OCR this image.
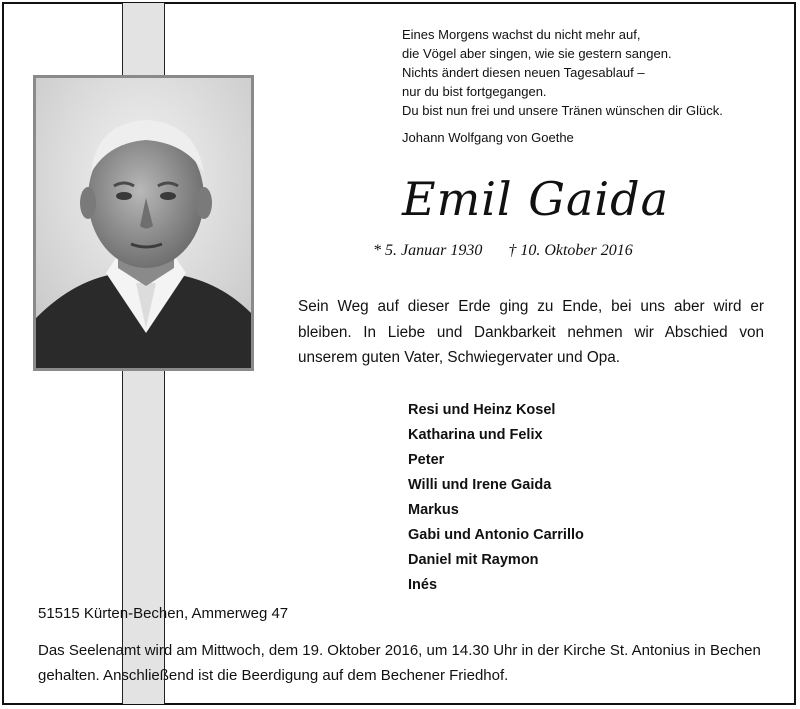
Eines Morgens wachst du nicht mehr auf,
die Vögel aber singen, wie sie gestern sangen.
Nichts ändert diesen neuen Tagesablauf –
nur du bist fortgegangen.
Du bist nun frei und unsere Tränen wünschen dir Glück.
Johann Wolfgang von Goethe
Emil Gaida
* 5. Januar 1930 † 10. Oktober 2016
Sein Weg auf dieser Erde ging zu Ende, bei uns aber wird er bleiben. In Liebe und Dankbarkeit nehmen wir Abschied von unserem guten Vater, Schwiegervater und Opa.
Resi und Heinz Kosel
Katharina und Felix
Peter
Willi und Irene Gaida
Markus
Gabi und Antonio Carrillo
Daniel mit Raymon
Inés
51515 Kürten-Bechen, Ammerweg 47
Das Seelenamt wird am Mittwoch, dem 19. Oktober 2016, um 14.30 Uhr in der Kirche St. Antonius in Bechen gehalten. Anschließend ist die Beerdigung auf dem Bechener Friedhof.
